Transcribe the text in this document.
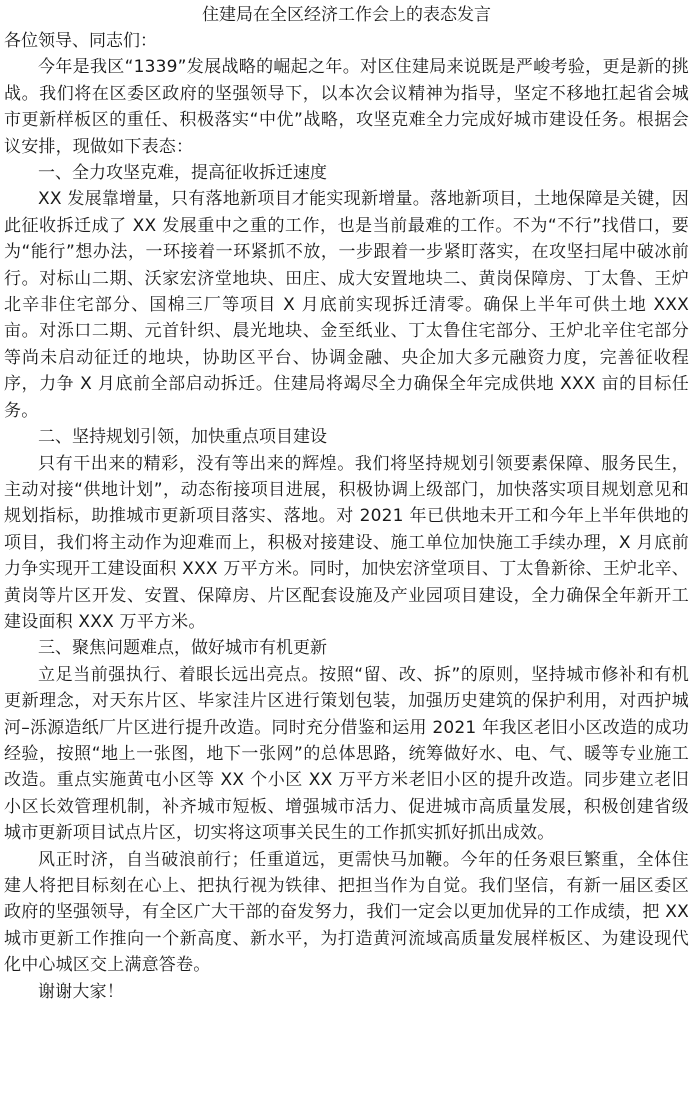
住建局在全区经济工作会上的表态发言

各位领导、同志们：

今年是我区“1339”发展战略的崛起之年。对区住建局来说既是严峻考验，更是新的挑战。我们将在区委区政府的坚强领导下，以本次会议精神为指导，坚定不移地扛起省会城市更新样板区的重任、积极落实“中优”战略，攻坚克难全力完成好城市建设任务。根据会议安排，现做如下表态：

一、全力攻坚克难，提高征收拆迁速度

XX 发展靠增量，只有落地新项目才能实现新增量。落地新项目，土地保障是关键，因此征收拆迁成了 XX 发展重中之重的工作，也是当前最难的工作。不为“不行”找借口，要为“能行”想办法，一环接着一环紧抓不放，一步跟着一步紧盯落实，在攻坚扫尾中破冰前行。对标山二期、沃家宏济堂地块、田庄、成大安置地块二、黄岗保障房、丁太鲁、王炉北辛非住宅部分、国棉三厂等项目 X 月底前实现拆迁清零。确保上半年可供土地 XXX 亩。对泺口二期、元首针织、晨光地块、金至纸业、丁太鲁住宅部分、王炉北辛住宅部分等尚未启动征迁的地块，协助区平台、协调金融、央企加大多元融资力度，完善征收程序，力争 X 月底前全部启动拆迁。住建局将竭尽全力确保全年完成供地 XXX 亩的目标任务。

二、坚持规划引领，加快重点项目建设

只有干出来的精彩，没有等出来的辉煌。我们将坚持规划引领要素保障、服务民生，主动对接“供地计划”，动态衔接项目进展，积极协调上级部门，加快落实项目规划意见和规划指标，助推城市更新项目落实、落地。对 2021 年已供地未开工和今年上半年供地的项目，我们将主动作为迎难而上，积极对接建设、施工单位加快施工手续办理，X 月底前力争实现开工建设面积 XXX 万平方米。同时，加快宏济堂项目、丁太鲁新徐、王炉北辛、黄岗等片区开发、安置、保障房、片区配套设施及产业园项目建设，全力确保全年新开工建设面积 XXX 万平方米。

三、聚焦问题难点，做好城市有机更新

立足当前强执行、着眼长远出亮点。按照“留、改、拆”的原则，坚持城市修补和有机更新理念，对天东片区、毕家洼片区进行策划包装，加强历史建筑的保护利用，对西护城河–泺源造纸厂片区进行提升改造。同时充分借鉴和运用 2021 年我区老旧小区改造的成功经验，按照“地上一张图，地下一张网”的总体思路，统筹做好水、电、气、暖等专业施工改造。重点实施黄屯小区等 XX 个小区 XX 万平方米老旧小区的提升改造。同步建立老旧小区长效管理机制，补齐城市短板、增强城市活力、促进城市高质量发展，积极创建省级城市更新项目试点片区，切实将这项事关民生的工作抓实抓好抓出成效。

风正时济，自当破浪前行；任重道远，更需快马加鞭。今年的任务艰巨繁重，全体住建人将把目标刻在心上、把执行视为铁律、把担当作为自觉。我们坚信，有新一届区委区政府的坚强领导，有全区广大干部的奋发努力，我们一定会以更加优异的工作成绩，把 XX 城市更新工作推向一个新高度、新水平，为打造黄河流域高质量发展样板区、为建设现代化中心城区交上满意答卷。

谢谢大家！
